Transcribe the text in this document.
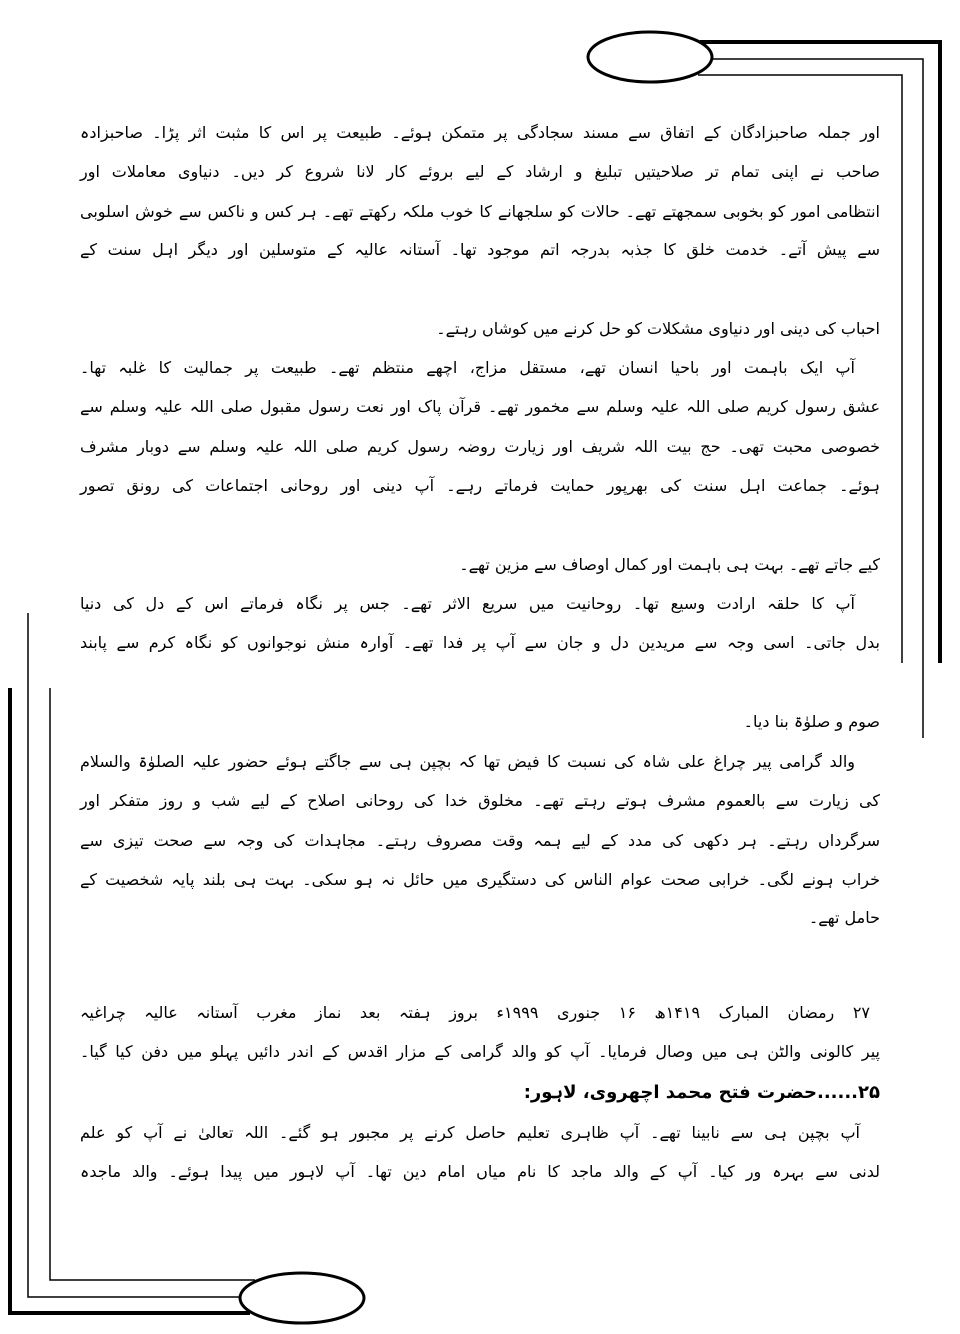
اور جملہ صاحبزادگان کے اتفاق سے مسند سجادگی پر متمکن ہوئے۔ طبیعت پر اس کا مثبت اثر پڑا۔ صاحبزادہ
صاحب نے اپنی تمام تر صلاحیتیں تبلیغ و ارشاد کے لیے بروئے کار لانا شروع کر دیں۔ دنیاوی معاملات اور
انتظامی امور کو بخوبی سمجھتے تھے۔ حالات کو سلجھانے کا خوب ملکہ رکھتے تھے۔ ہر کس و ناکس سے خوش اسلوبی
سے پیش آتے۔ خدمت خلق کا جذبہ بدرجہ اتم موجود تھا۔ آستانہ عالیہ کے متوسلین اور دیگر اہل سنت کے
احباب کی دینی اور دنیاوی مشکلات کو حل کرنے میں کوشاں رہتے۔
آپ ایک باہمت اور باحیا انسان تھے، مستقل مزاج، اچھے منتظم تھے۔ طبیعت پر جمالیت کا غلبہ تھا۔
عشق رسول کریم صلی اللہ علیہ وسلم سے مخمور تھے۔ قرآن پاک اور نعت رسول مقبول صلی اللہ علیہ وسلم سے
خصوصی محبت تھی۔ حج بیت اللہ شریف اور زیارت روضہ رسول کریم صلی اللہ علیہ وسلم سے دوبار مشرف
ہوئے۔ جماعت اہل سنت کی بھرپور حمایت فرماتے رہے۔ آپ دینی اور روحانی اجتماعات کی رونق تصور
کیے جاتے تھے۔ بہت ہی باہمت اور کمال اوصاف سے مزین تھے۔
آپ کا حلقہ ارادت وسیع تھا۔ روحانیت میں سریع الاثر تھے۔ جس پر نگاہ فرماتے اس کے دل کی دنیا
بدل جاتی۔ اسی وجہ سے مریدین دل و جان سے آپ پر فدا تھے۔ آوارہ منش نوجوانوں کو نگاہ کرم سے پابند
صوم و صلوٰۃ بنا دیا۔
والد گرامی پیر چراغ علی شاہ کی نسبت کا فیض تھا کہ بچپن ہی سے جاگتے ہوئے حضور علیہ الصلوٰۃ والسلام
کی زیارت سے بالعموم مشرف ہوتے رہتے تھے۔ مخلوق خدا کی روحانی اصلاح کے لیے شب و روز متفکر اور
سرگرداں رہتے۔ ہر دکھی کی مدد کے لیے ہمہ وقت مصروف رہتے۔ مجاہدات کی وجہ سے صحت تیزی سے
خراب ہونے لگی۔ خرابی صحت عوام الناس کی دستگیری میں حائل نہ ہو سکی۔ بہت ہی بلند پایہ شخصیت کے
حامل تھے۔
۲۷ رمضان المبارک ۱۴۱۹ھ ۱۶ جنوری ۱۹۹۹ء بروز ہفتہ بعد نماز مغرب آستانہ عالیہ چراغیہ
پیر کالونی والٹن ہی میں وصال فرمایا۔ آپ کو والد گرامی کے مزار اقدس کے اندر دائیں پہلو میں دفن کیا گیا۔
۲۵......حضرت فتح محمد اچھروی، لاہور:
آپ بچپن ہی سے نابینا تھے۔ آپ ظاہری تعلیم حاصل کرنے پر مجبور ہو گئے۔ اللہ تعالیٰ نے آپ کو علم
لدنی سے بہرہ ور کیا۔ آپ کے والد ماجد کا نام میاں امام دین تھا۔ آپ لاہور میں پیدا ہوئے۔ والد ماجدہ
